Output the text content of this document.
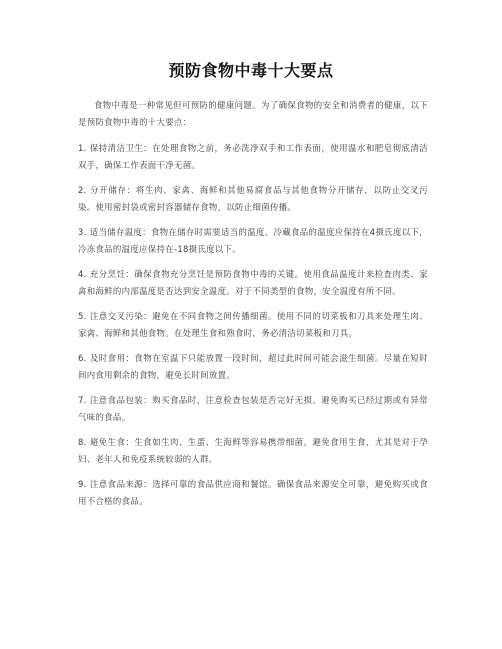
预防食物中毒十大要点

食物中毒是一种常见但可预防的健康问题。为了确保食物的安全和消费者的健康，以下是预防食物中毒的十大要点：

1. 保持清洁卫生：在处理食物之前，务必洗净双手和工作表面，使用温水和肥皂彻底清洁双手，确保工作表面干净无菌。

2. 分开储存：将生肉、家禽、海鲜和其他易腐食品与其他食物分开储存，以防止交叉污染。使用密封袋或密封容器储存食物，以防止细菌传播。

3. 适当储存温度：食物在储存时需要适当的温度。冷藏食品的温度应保持在4摄氏度以下，冷冻食品的温度应保持在-18摄氏度以下。

4. 充分烹饪：确保食物充分烹饪是预防食物中毒的关键。使用食品温度计来检查肉类、家禽和海鲜的内部温度是否达到安全温度。对于不同类型的食物，安全温度有所不同。

5. 注意交叉污染：避免在不同食物之间传播细菌。使用不同的切菜板和刀具来处理生肉、家禽、海鲜和其他食物。在处理生食和熟食时，务必清洁切菜板和刀具。

6. 及时食用：食物在室温下只能放置一段时间，超过此时间可能会滋生细菌。尽量在短时间内食用剩余的食物，避免长时间放置。

7. 注意食品包装：购买食品时，注意检查包装是否完好无损。避免购买已经过期或有异常气味的食品。

8. 避免生食：生食如生肉、生蛋、生海鲜等容易携带细菌。避免食用生食，尤其是对于孕妇、老年人和免疫系统较弱的人群。

9. 注意食品来源：选择可靠的食品供应商和餐馆。确保食品来源安全可靠，避免购买或食用不合格的食品。
